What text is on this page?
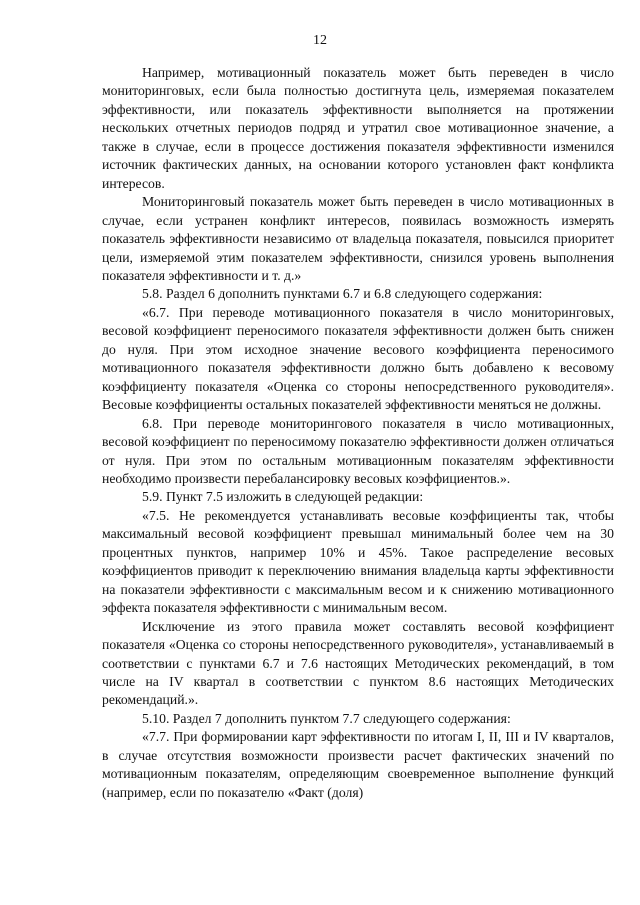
12

Например, мотивационный показатель может быть переведен в число мониторинговых, если была полностью достигнута цель, измеряемая показателем эффективности, или показатель эффективности выполняется на протяжении нескольких отчетных периодов подряд и утратил свое мотивационное значение, а также в случае, если в процессе достижения показателя эффективности изменился источник фактических данных, на основании которого установлен факт конфликта интересов.

Мониторинговый показатель может быть переведен в число мотивационных в случае, если устранен конфликт интересов, появилась возможность измерять показатель эффективности независимо от владельца показателя, повысился приоритет цели, измеряемой этим показателем эффективности, снизился уровень выполнения показателя эффективности и т. д.»

5.8. Раздел 6 дополнить пунктами 6.7 и 6.8 следующего содержания:

«6.7. При переводе мотивационного показателя в число мониторинговых, весовой коэффициент переносимого показателя эффективности должен быть снижен до нуля. При этом исходное значение весового коэффициента переносимого мотивационного показателя эффективности должно быть добавлено к весовому коэффициенту показателя «Оценка со стороны непосредственного руководителя». Весовые коэффициенты остальных показателей эффективности меняться не должны.

6.8. При переводе мониторингового показателя в число мотивационных, весовой коэффициент по переносимому показателю эффективности должен отличаться от нуля. При этом по остальным мотивационным показателям эффективности необходимо произвести перебалансировку весовых коэффициентов.».

5.9. Пункт 7.5 изложить в следующей редакции:

«7.5. Не рекомендуется устанавливать весовые коэффициенты так, чтобы максимальный весовой коэффициент превышал минимальный более чем на 30 процентных пунктов, например 10% и 45%. Такое распределение весовых коэффициентов приводит к переключению внимания владельца карты эффективности на показатели эффективности с максимальным весом и к снижению мотивационного эффекта показателя эффективности с минимальным весом.

Исключение из этого правила может составлять весовой коэффициент показателя «Оценка со стороны непосредственного руководителя», устанавливаемый в соответствии с пунктами 6.7 и 7.6 настоящих Методических рекомендаций, в том числе на IV квартал в соответствии с пунктом 8.6 настоящих Методических рекомендаций.».

5.10. Раздел 7 дополнить пунктом 7.7 следующего содержания:

«7.7. При формировании карт эффективности по итогам I, II, III и IV кварталов, в случае отсутствия возможности произвести расчет фактических значений по мотивационным показателям, определяющим своевременное выполнение функций (например, если по показателю «Факт (доля)
